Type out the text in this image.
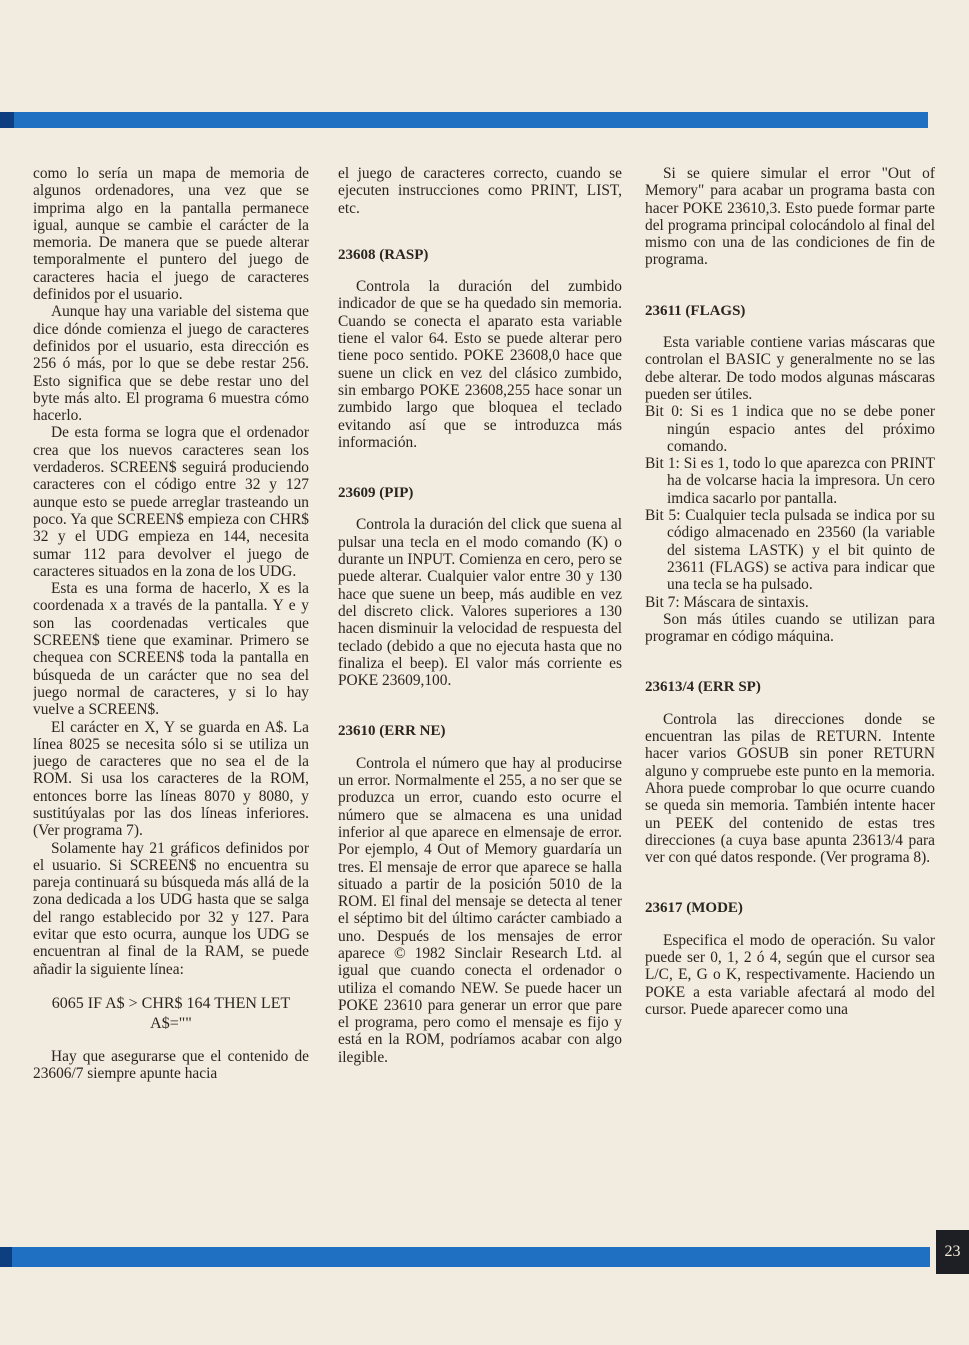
como lo sería un mapa de memoria de algunos ordenadores, una vez que se imprima algo en la pantalla permanece igual, aunque se cambie el carácter de la memoria. De manera que se puede alterar temporalmente el puntero del juego de caracteres hacia el juego de caracteres definidos por el usuario.

Aunque hay una variable del sistema que dice dónde comienza el juego de caracteres definidos por el usuario, esta dirección es 256 ó más, por lo que se debe restar 256. Esto significa que se debe restar uno del byte más alto. El programa 6 muestra cómo hacerlo.

De esta forma se logra que el ordenador crea que los nuevos caracteres sean los verdaderos. SCREEN$ seguirá produciendo caracteres con el código entre 32 y 127 aunque esto se puede arreglar trasteando un poco. Ya que SCREEN$ empieza con CHR$ 32 y el UDG empieza en 144, necesita sumar 112 para devolver el juego de caracteres situados en la zona de los UDG.

Esta es una forma de hacerlo, X es la coordenada x a través de la pantalla. Y e y son las coordenadas verticales que SCREEN$ tiene que examinar. Primero se chequea con SCREEN$ toda la pantalla en búsqueda de un carácter que no sea del juego normal de caracteres, y si lo hay vuelve a SCREEN$.

El carácter en X, Y se guarda en A$. La línea 8025 se necesita sólo si se utiliza un juego de caracteres que no sea el de la ROM. Si usa los caracteres de la ROM, entonces borre las líneas 8070 y 8080, y sustitúyalas por las dos líneas inferiores. (Ver programa 7).

Solamente hay 21 gráficos definidos por el usuario. Si SCREEN$ no encuentra su pareja continuará su búsqueda más allá de la zona dedicada a los UDG hasta que se salga del rango establecido por 32 y 127. Para evitar que esto ocurra, aunque los UDG se encuentran al final de la RAM, se puede añadir la siguiente línea:

6065 IF A$ > CHR$ 164 THEN LET
A$=""

Hay que asegurarse que el contenido de 23606/7 siempre apunte hacia

el juego de caracteres correcto, cuando se ejecuten instrucciones como PRINT, LIST, etc.

23608 (RASP)

Controla la duración del zumbido indicador de que se ha quedado sin memoria. Cuando se conecta el aparato esta variable tiene el valor 64. Esto se puede alterar pero tiene poco sentido. POKE 23608,0 hace que suene un click en vez del clásico zumbido, sin embargo POKE 23608,255 hace sonar un zumbido largo que bloquea el teclado evitando así que se introduzca más información.

23609 (PIP)

Controla la duración del click que suena al pulsar una tecla en el modo comando (K) o durante un INPUT. Comienza en cero, pero se puede alterar. Cualquier valor entre 30 y 130 hace que suene un beep, más audible en vez del discreto click. Valores superiores a 130 hacen disminuir la velocidad de respuesta del teclado (debido a que no ejecuta hasta que no finaliza el beep). El valor más corriente es POKE 23609,100.

23610 (ERR NE)

Controla el número que hay al producirse un error. Normalmente el 255, a no ser que se produzca un error, cuando esto ocurre el número que se almacena es una unidad inferior al que aparece en elmensaje de error. Por ejemplo, 4 Out of Memory guardaría un tres. El mensaje de error que aparece se halla situado a partir de la posición 5010 de la ROM. El final del mensaje se detecta al tener el séptimo bit del último carácter cambiado a uno. Después de los mensajes de error aparece © 1982 Sinclair Research Ltd. al igual que cuando conecta el ordenador o utiliza el comando NEW. Se puede hacer un POKE 23610 para generar un error que pare el programa, pero como el mensaje es fijo y está en la ROM, podríamos acabar con algo ilegible.

Si se quiere simular el error "Out of Memory" para acabar un programa basta con hacer POKE 23610,3. Esto puede formar parte del programa principal colocándolo al final del mismo con una de las condiciones de fin de programa.

23611 (FLAGS)

Esta variable contiene varias máscaras que controlan el BASIC y generalmente no se las debe alterar. De todo modos algunas máscaras pueden ser útiles.

Bit 0: Si es 1 indica que no se debe poner ningún espacio antes del próximo comando.

Bit 1: Si es 1, todo lo que aparezca con PRINT ha de volcarse hacia la impresora. Un cero imdica sacarlo por pantalla.

Bit 5: Cualquier tecla pulsada se indica por su código almacenado en 23560 (la variable del sistema LASTK) y el bit quinto de 23611 (FLAGS) se activa para indicar que una tecla se ha pulsado.

Bit 7: Máscara de sintaxis.

Son más útiles cuando se utilizan para programar en código máquina.

23613/4 (ERR SP)

Controla las direcciones donde se encuentran las pilas de RETURN. Intente hacer varios GOSUB sin poner RETURN alguno y compruebe este punto en la memoria. Ahora puede comprobar lo que ocurre cuando se queda sin memoria. También intente hacer un PEEK del contenido de estas tres direcciones (a cuya base apunta 23613/4 para ver con qué datos responde. (Ver programa 8).

23617 (MODE)

Especifica el modo de operación. Su valor puede ser 0, 1, 2 ó 4, según que el cursor sea L/C, E, G o K, respectivamente. Haciendo un POKE a esta variable afectará al modo del cursor. Puede aparecer como una

23
